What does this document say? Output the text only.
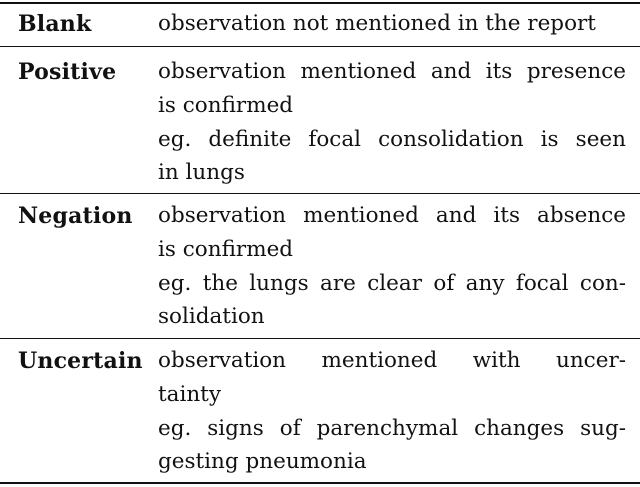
Blank	observation not mentioned in the report
Positive observation mentioned and its presence
is confirmed
eg. definite focal consolidation is seen
in lungs
Negation observation mentioned and its absence
is confirmed
eg. the lungs are clear of any focal con-
solidation
Uncertain observation mentioned with uncer-
tainty
eg. signs of parenchymal changes sug-
gesting pneumonia
